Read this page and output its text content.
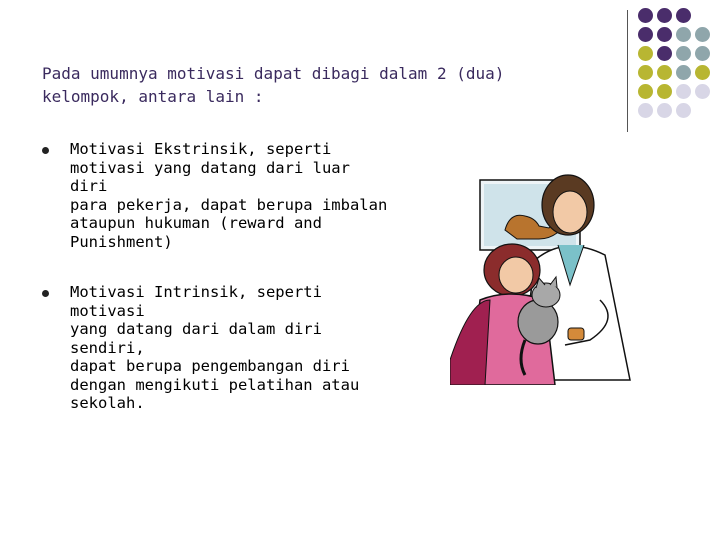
Pada umumnya motivasi dapat dibagi dalam 2 (dua)
kelompok, antara lain :
Motivasi Ekstrinsik, seperti
motivasi yang datang dari luar diri
para pekerja, dapat berupa imbalan
ataupun hukuman (reward and
Punishment)
Motivasi Intrinsik, seperti motivasi
yang datang dari dalam diri sendiri,
dapat berupa pengembangan diri
dengan mengikuti pelatihan atau
sekolah.
